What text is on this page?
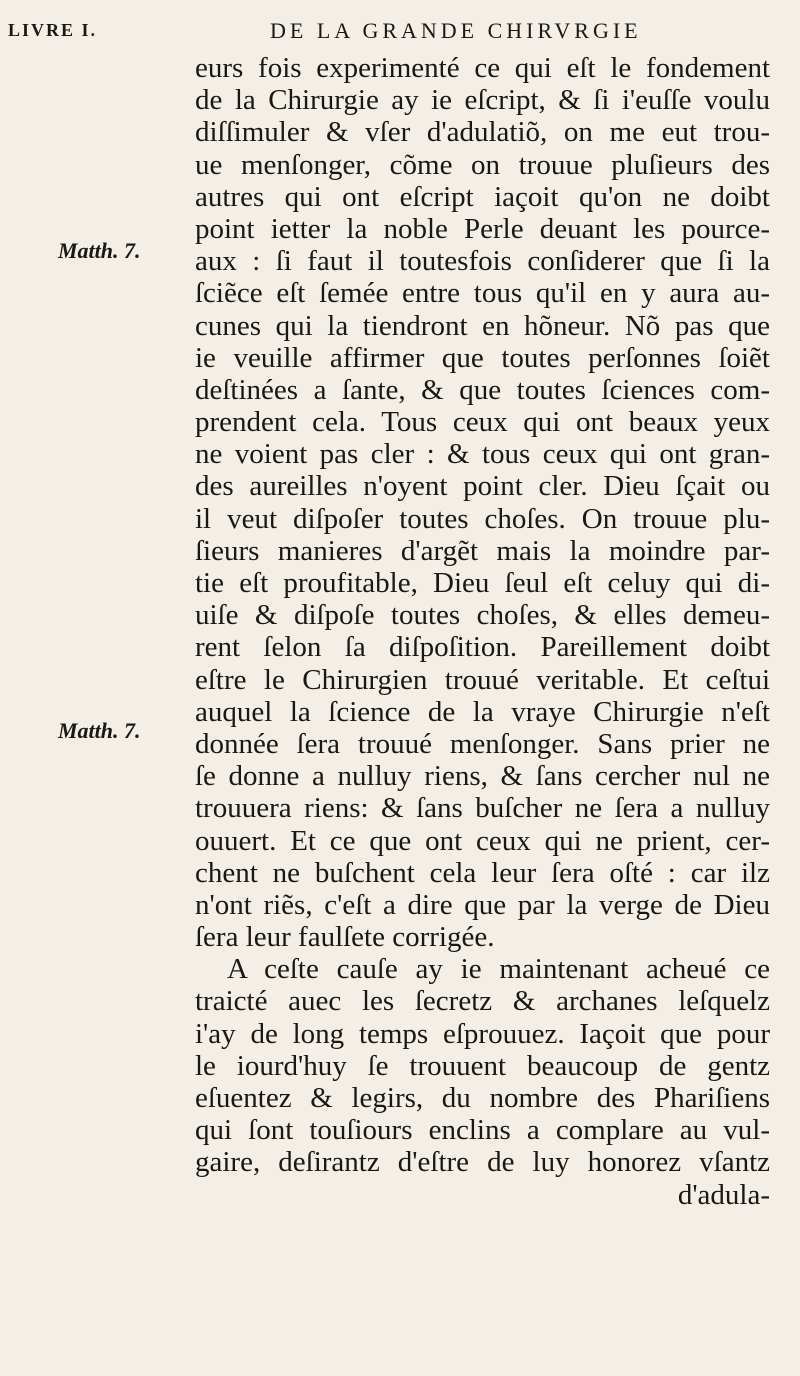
LIVRE I.	DE LA GRANDE CHIRVRGIE
Matth. 7.
Matth. 7.
eurs fois experimenté ce qui eſt le fondement
de la Chirurgie ay ie eſcript, & ſi i'euſſe voulu
diſſimuler & vſer d'adulatiõ, on me eut trou-
ue menſonger, cõme on trouue pluſieurs des
autres qui ont eſcript iaçoit qu'on ne doibt
point ietter la noble Perle deuant les pource-
aux : ſi faut il toutesfois conſiderer que ſi la
ſciẽce eſt ſemée entre tous qu'il en y aura au-
cunes qui la tiendront en hõneur. Nõ pas que
ie veuille affirmer que toutes perſonnes ſoiẽt
deſtinées a ſante, & que toutes ſciences com-
prendent cela. Tous ceux qui ont beaux yeux
ne voient pas cler : & tous ceux qui ont gran-
des aureilles n'oyent point cler. Dieu ſçait ou
il veut diſpoſer toutes choſes. On trouue plu-
ſieurs manieres d'argẽt mais la moindre par-
tie eſt proufitable, Dieu ſeul eſt celuy qui di-
uiſe & diſpoſe toutes choſes, & elles demeu-
rent ſelon ſa diſpoſition. Pareillement doibt
eſtre le Chirurgien trouué veritable. Et ceſtui
auquel la ſcience de la vraye Chirurgie n'eſt
donnée ſera trouué menſonger. Sans prier ne
ſe donne a nulluy riens, & ſans cercher nul ne
trouuera riens: & ſans buſcher ne ſera a nulluy
ouuert. Et ce que ont ceux qui ne prient, cer-
chent ne buſchent cela leur ſera oſté : car ilz
n'ont riẽs, c'eſt a dire que par la verge de Dieu
ſera leur faulſete corrigée.
A ceſte cauſe ay ie maintenant acheué ce
traicté auec les ſecretz & archanes leſquelz
i'ay de long temps eſprouuez. Iaçoit que pour
le iourd'huy ſe trouuent beaucoup de gentz
eſuentez & legirs, du nombre des Phariſiens
qui ſont touſiours enclins a complare au vul-
gaire, deſirantz d'eſtre de luy honorez vſantz
d'adula-
